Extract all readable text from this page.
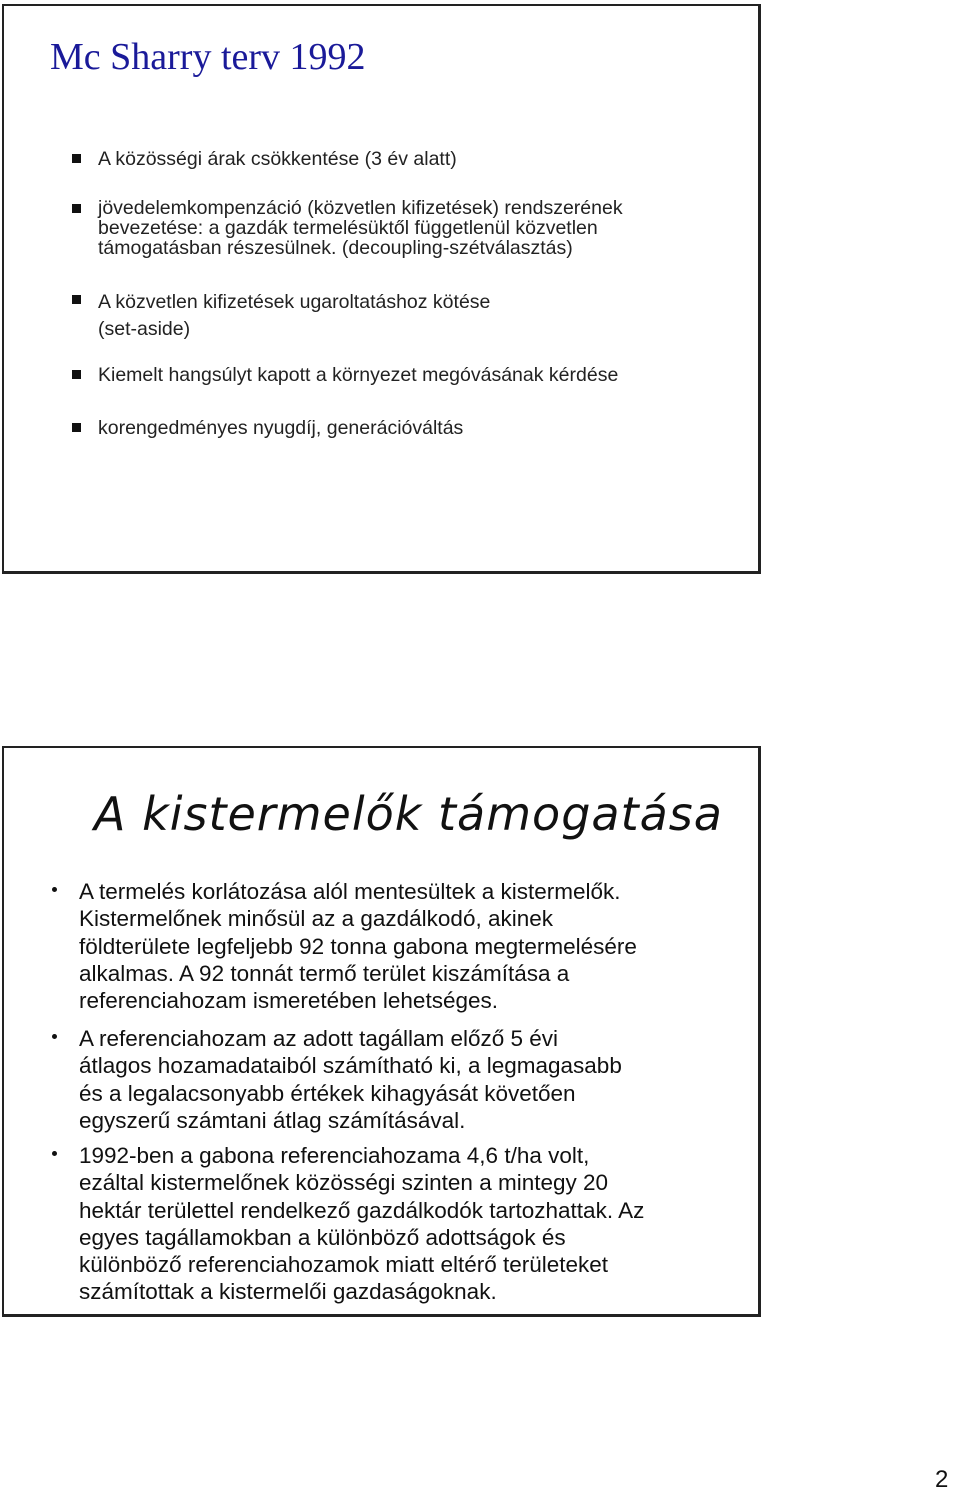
Mc Sharry terv 1992
A közösségi árak csökkentése (3 év alatt)
jövedelemkompenzáció (közvetlen kifizetések) rendszerének
bevezetése: a gazdák termelésüktől függetlenül közvetlen
támogatásban részesülnek. (decoupling-szétválasztás)
A közvetlen kifizetések ugaroltatáshoz kötése
(set-aside)
Kiemelt hangsúlyt kapott a környezet megóvásának kérdése
korengedményes nyugdíj, generációváltás
A kistermelők támogatása
A termelés korlátozása alól mentesültek a kistermelők.
Kistermelőnek minősül az a gazdálkodó, akinek
földterülete legfeljebb 92 tonna gabona megtermelésére
alkalmas. A 92 tonnát termő terület kiszámítása a
referenciahozam ismeretében lehetséges.
A referenciahozam az adott tagállam előző 5 évi
átlagos hozamadataiból számítható ki, a legmagasabb
és a legalacsonyabb értékek kihagyását követően
egyszerű számtani átlag számításával.
1992-ben a gabona referenciahozama 4,6 t/ha volt,
ezáltal kistermelőnek közösségi szinten a mintegy 20
hektár területtel rendelkező gazdálkodók tartozhattak. Az
egyes tagállamokban a különböző adottságok és
különböző referenciahozamok miatt eltérő területeket
számítottak a kistermelői gazdaságoknak.
2
